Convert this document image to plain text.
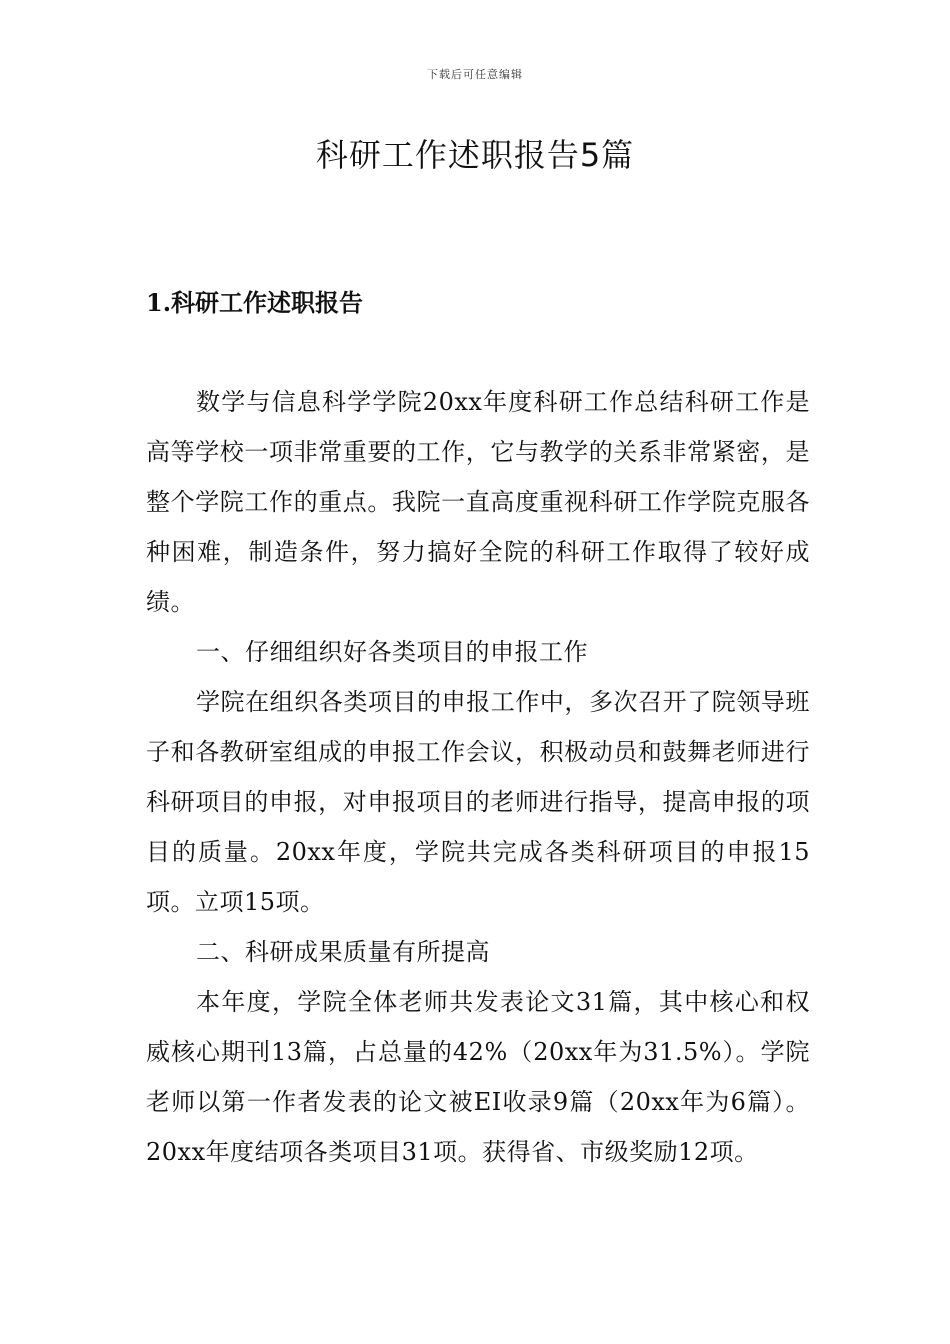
下载后可任意编辑
科研工作述职报告5篇
1.科研工作述职报告

数学与信息科学学院20xx年度科研工作总结科研工作是高等学校一项非常重要的工作，它与教学的关系非常紧密，是整个学院工作的重点。我院一直高度重视科研工作学院克服各种困难，制造条件，努力搞好全院的科研工作取得了较好成绩。

一、仔细组织好各类项目的申报工作

学院在组织各类项目的申报工作中，多次召开了院领导班子和各教研室组成的申报工作会议，积极动员和鼓舞老师进行科研项目的申报，对申报项目的老师进行指导，提高申报的项目的质量。20xx年度，学院共完成各类科研项目的申报15项。立项15项。

二、科研成果质量有所提高

本年度，学院全体老师共发表论文31篇，其中核心和权威核心期刊13篇，占总量的42%（20xx年为31.5%）。学院老师以第一作者发表的论文被EI收录9篇（20xx年为6篇）。20xx年度结项各类项目31项。获得省、市级奖励12项。
